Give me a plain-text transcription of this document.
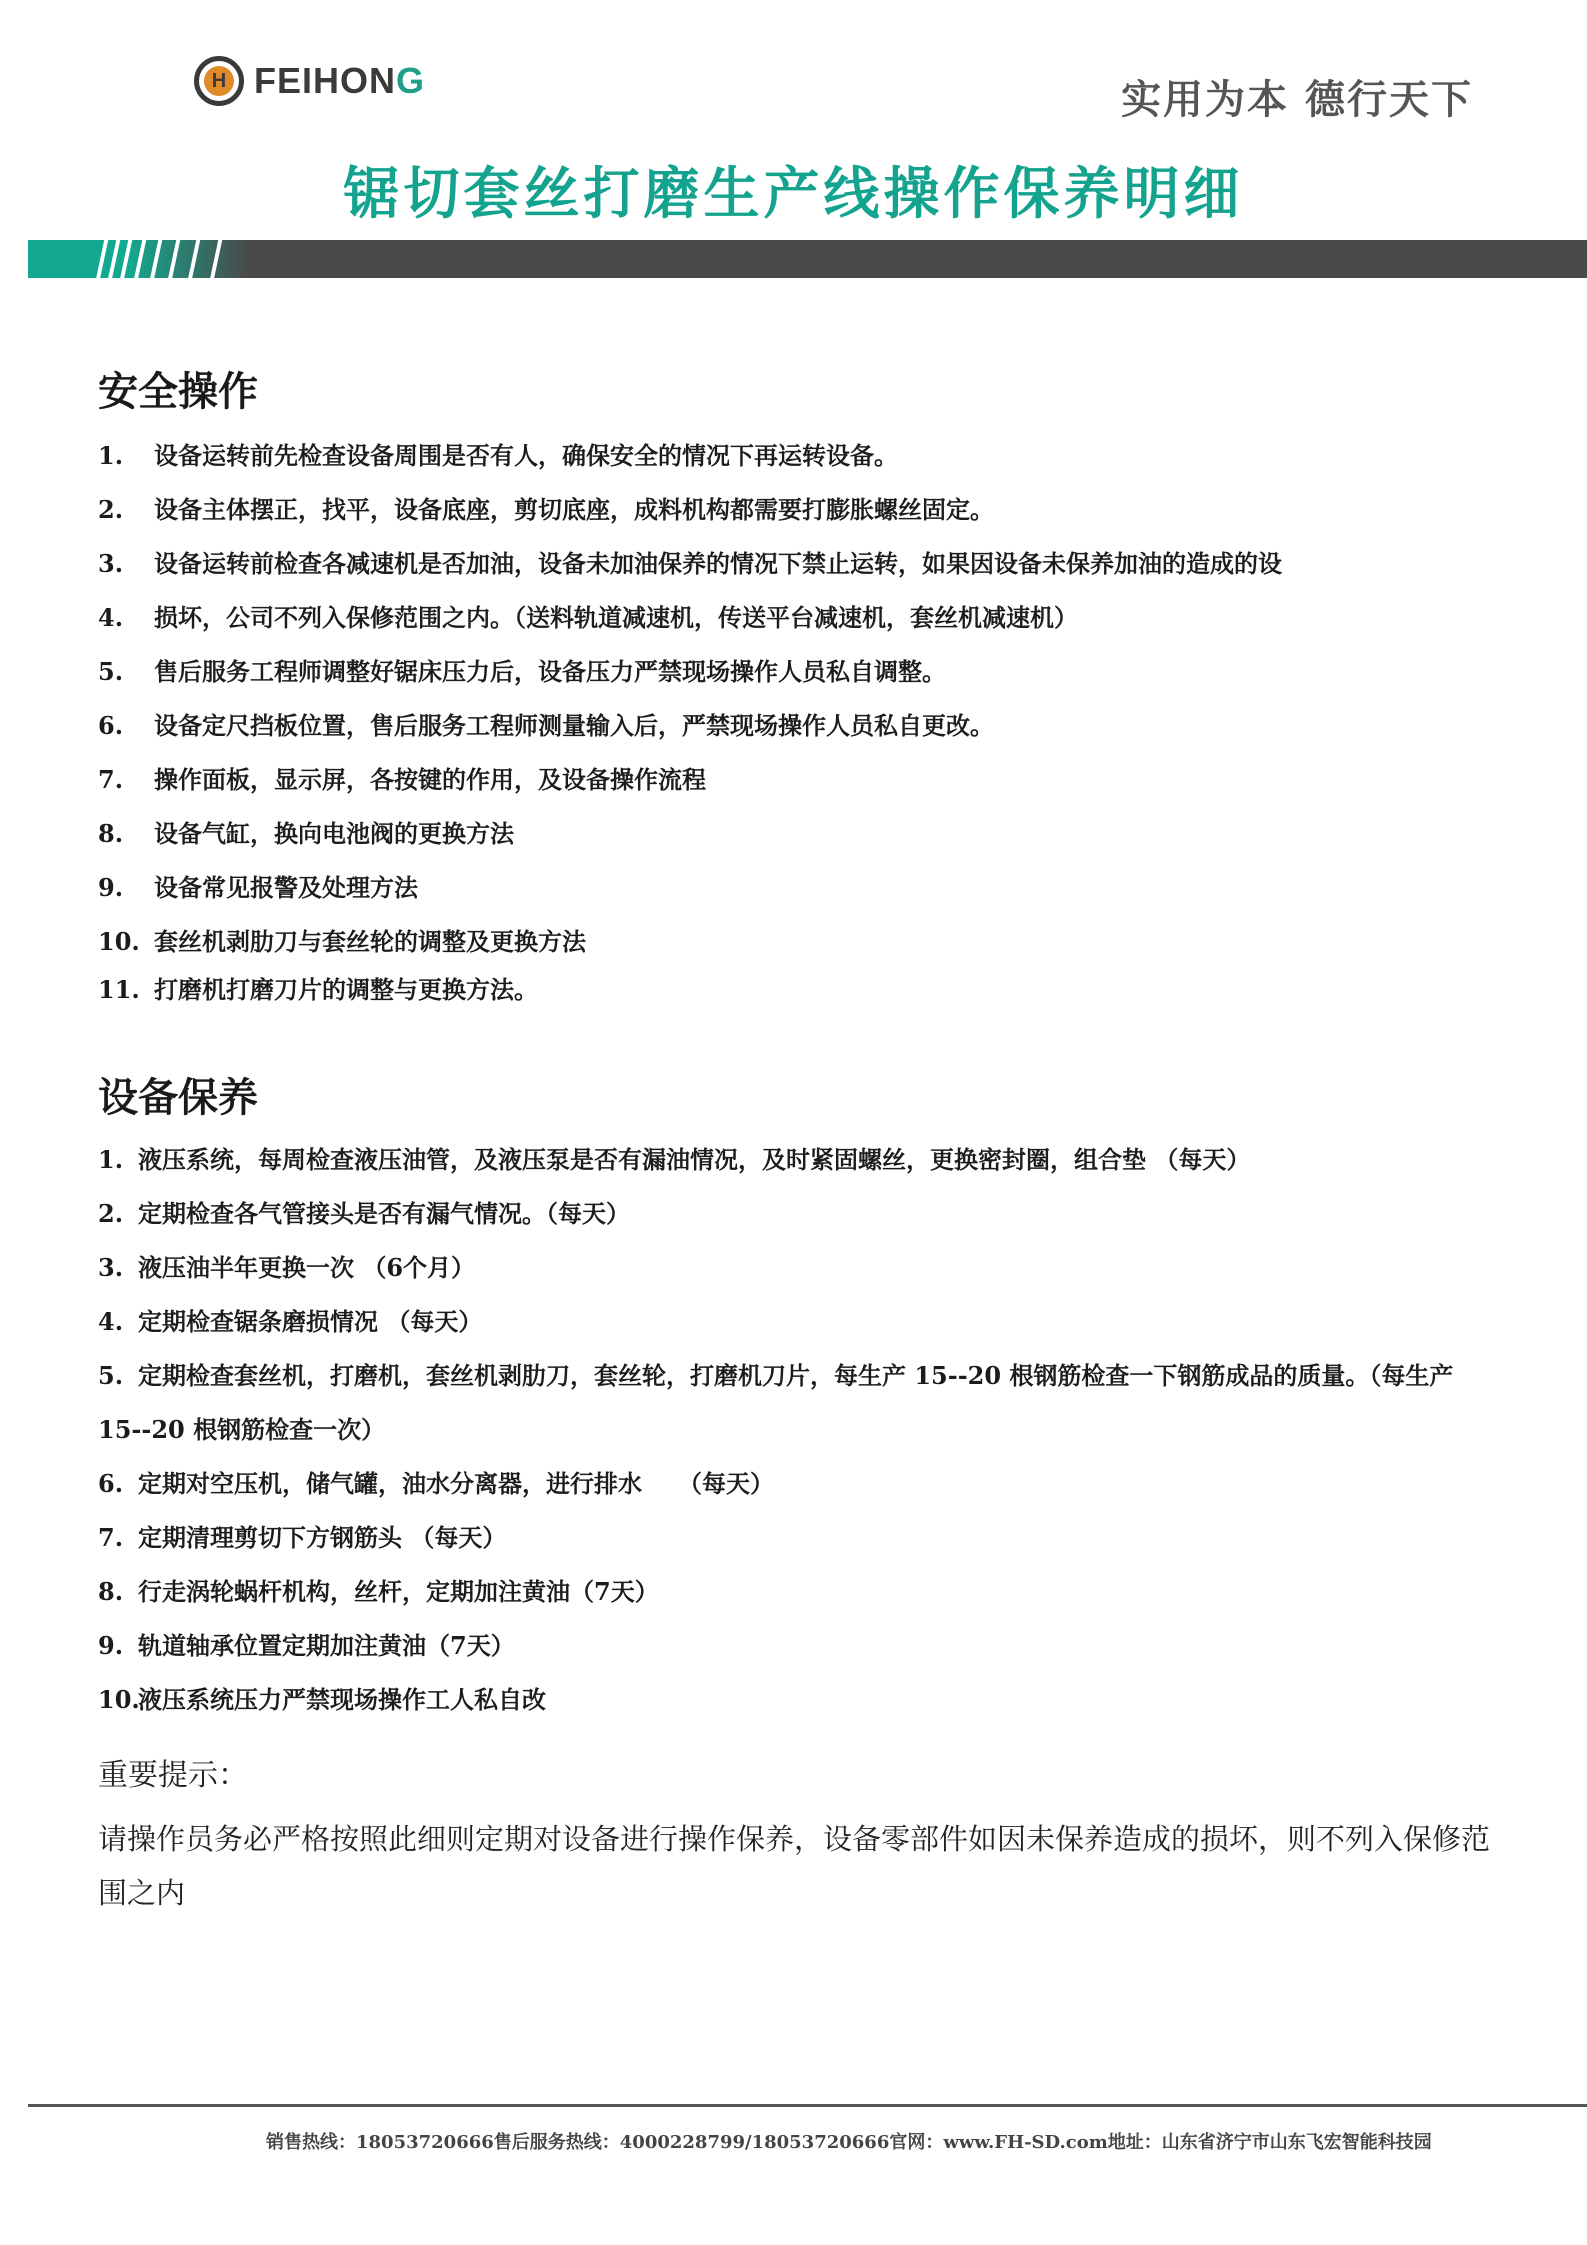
H FEIHONG	实用为本 德行天下
锯切套丝打磨生产线操作保养明细
安全操作
1. 设备运转前先检查设备周围是否有人，确保安全的情况下再运转设备。
2. 设备主体摆正，找平，设备底座，剪切底座，成料机构都需要打膨胀螺丝固定。
3. 设备运转前检查各减速机是否加油，设备未加油保养的情况下禁止运转，如果因设备未保养加油的造成的设
4. 损坏，公司不列入保修范围之内。（送料轨道减速机，传送平台减速机，套丝机减速机）
5. 售后服务工程师调整好锯床压力后，设备压力严禁现场操作人员私自调整。
6. 设备定尺挡板位置，售后服务工程师测量输入后，严禁现场操作人员私自更改。
7. 操作面板，显示屏，各按键的作用，及设备操作流程
8. 设备气缸，换向电池阀的更换方法
9. 设备常见报警及处理方法
10. 套丝机剥肋刀与套丝轮的调整及更换方法
11. 打磨机打磨刀片的调整与更换方法。
设备保养
1. 液压系统，每周检查液压油管，及液压泵是否有漏油情况，及时紧固螺丝，更换密封圈，组合垫 （每天）
2. 定期检查各气管接头是否有漏气情况。（每天）
3. 液压油半年更换一次 （6个月）
4. 定期检查锯条磨损情况 （每天）
5. 定期检查套丝机，打磨机，套丝机剥肋刀，套丝轮，打磨机刀片，每生产 15--20 根钢筋检查一下钢筋成品的质量。（每生产 15--20 根钢筋检查一次）
6. 定期对空压机，储气罐，油水分离器，进行排水　　（每天）
7. 定期清理剪切下方钢筋头 （每天）
8. 行走涡轮蜗杆机构，丝杆，定期加注黄油（7天）
9. 轨道轴承位置定期加注黄油（7天）
10.液压系统压力严禁现场操作工人私自改
重要提示：
请操作员务必严格按照此细则定期对设备进行操作保养，设备零部件如因未保养造成的损坏，则不列入保修范围之内
销售热线：18053720666售后服务热线：4000228799/18053720666官网：www.FH-SD.com地址：山东省济宁市山东飞宏智能科技园
